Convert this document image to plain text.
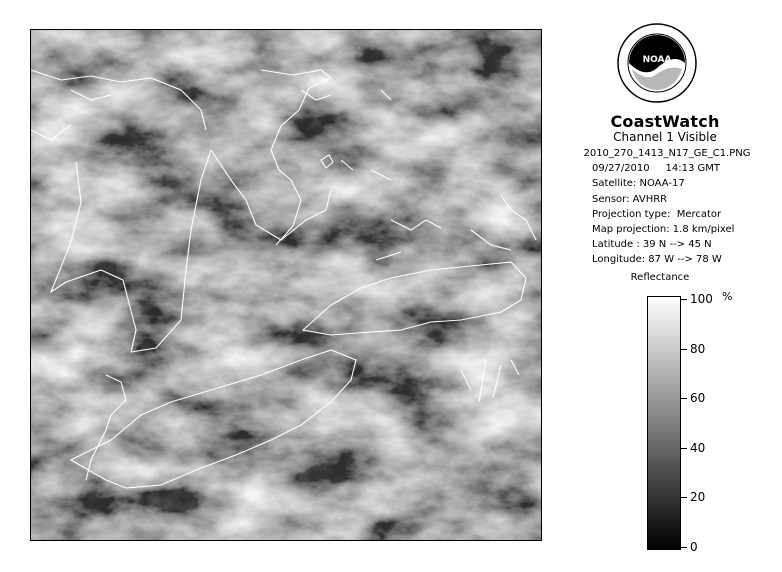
NOAA
CoastWatch
Channel 1 Visible
2010_270_1413_N17_GE_C1.PNG
09/27/2010     14:13 GMT
Satellite: NOAA-17
Sensor: AVHRR
Projection type:  Mercator
Map projection: 1.8 km/pixel
Latitude : 39 N --> 45 N
Longitude: 87 W --> 78 W
Reflectance
%
100
80
60
40
20
0
